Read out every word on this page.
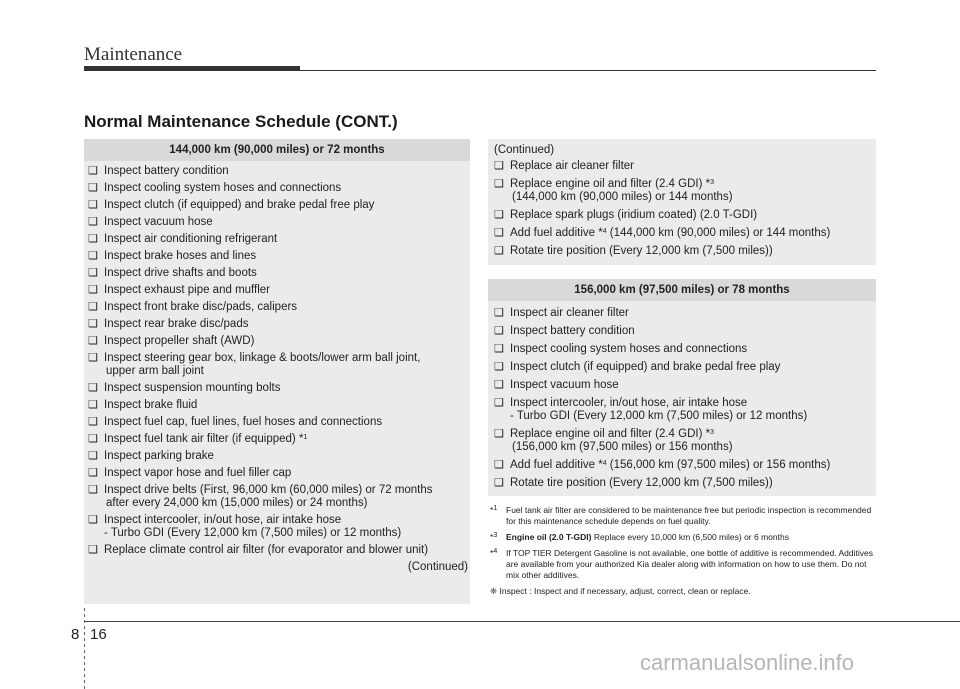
Maintenance
Normal Maintenance Schedule (CONT.)
144,000 km (90,000 miles) or 72 months
❑ Inspect battery condition
❑ Inspect cooling system hoses and connections
❑ Inspect clutch (if equipped) and brake pedal free play
❑ Inspect vacuum hose
❑ Inspect air conditioning refrigerant
❑ Inspect brake hoses and lines
❑ Inspect drive shafts and boots
❑ Inspect exhaust pipe and muffler
❑ Inspect front brake disc/pads, calipers
❑ Inspect rear brake disc/pads
❑ Inspect propeller shaft (AWD)
❑ Inspect steering gear box, linkage & boots/lower arm ball joint,
upper arm ball joint
❑ Inspect suspension mounting bolts
❑ Inspect brake fluid
❑ Inspect fuel cap, fuel lines, fuel hoses and connections
❑ Inspect fuel tank air filter (if equipped) *$^1$
❑ Inspect parking brake
❑ Inspect vapor hose and fuel filler cap
❑ Inspect drive belts (First, 96,000 km (60,000 miles) or 72 months
after every 24,000 km (15,000 miles) or 24 months)
❑ Inspect intercooler, in/out hose, air intake hose
- Turbo GDI (Every 12,000 km (7,500 miles) or 12 months)
❑ Replace climate control air filter (for evaporator and blower unit)
(Continued)
(Continued)
❑ Replace air cleaner filter
❑ Replace engine oil and filter (2.4 GDI) *$^3$
(144,000 km (90,000 miles) or 144 months)
❑ Replace spark plugs (iridium coated) (2.0 T-GDI)
❑ Add fuel additive *$^4$ (144,000 km (90,000 miles) or 144 months)
❑ Rotate tire position (Every 12,000 km (7,500 miles))
156,000 km (97,500 miles) or 78 months
❑ Inspect air cleaner filter
❑ Inspect battery condition
❑ Inspect cooling system hoses and connections
❑ Inspect clutch (if equipped) and brake pedal free play
❑ Inspect vacuum hose
❑ Inspect intercooler, in/out hose, air intake hose
- Turbo GDI (Every 12,000 km (7,500 miles) or 12 months)
❑ Replace engine oil and filter (2.4 GDI) *$^3$
(156,000 km (97,500 miles) or 156 months)
❑ Add fuel additive *$^4$ (156,000 km (97,500 miles) or 156 months)
❑ Rotate tire position (Every 12,000 km (7,500 miles))
*$^1$ Fuel tank air filter are considered to be maintenance free but periodic inspection is recommended for this maintenance schedule depends on fuel quality.
*$^3$ Engine oil (2.0 T-GDI) Replace every 10,000 km (6,500 miles) or 6 months
*$^4$ If TOP TIER Detergent Gasoline is not available, one bottle of additive is recommended. Additives are available from your authorized Kia dealer along with information on how to use them. Do not mix other additives.
❈ Inspect : Inspect and if necessary, adjust, correct, clean or replace.
8 16
carmanualsonline.info
